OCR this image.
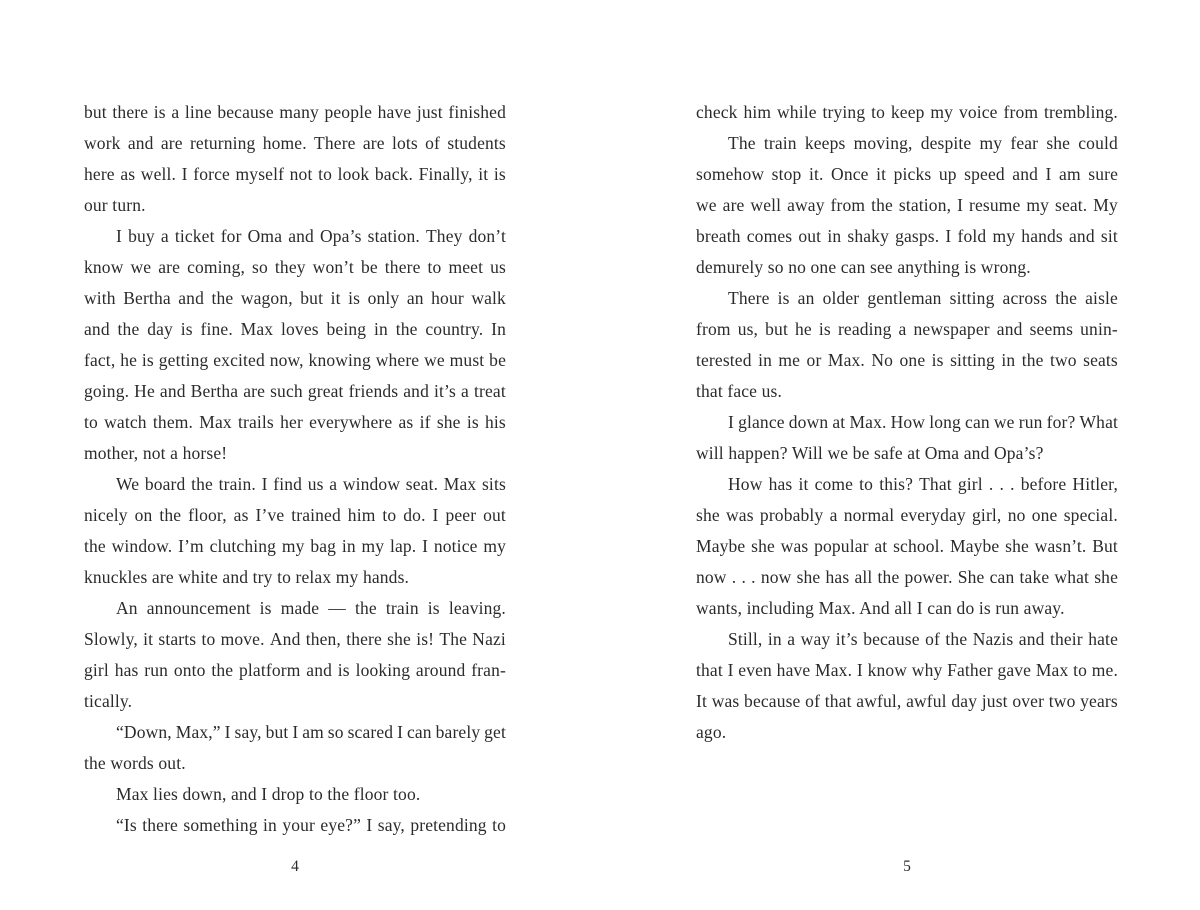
but there is a line because many people have just finished
work and are returning home. There are lots of students
here as well. I force myself not to look back. Finally, it is
our turn.
I buy a ticket for Oma and Opa’s station. They don’t
know we are coming, so they won’t be there to meet us
with Bertha and the wagon, but it is only an hour walk
and the day is fine. Max loves being in the country. In
fact, he is getting excited now, knowing where we must be
going. He and Bertha are such great friends and it’s a treat
to watch them. Max trails her everywhere as if she is his
mother, not a horse!
We board the train. I find us a window seat. Max sits
nicely on the floor, as I’ve trained him to do. I peer out
the window. I’m clutching my bag in my lap. I notice my
knuckles are white and try to relax my hands.
An announcement is made — the train is leaving.
Slowly, it starts to move. And then, there she is! The Nazi
girl has run onto the platform and is looking around fran-
tically.
“Down, Max,” I say, but I am so scared I can barely get
the words out.
Max lies down, and I drop to the floor too.
“Is there something in your eye?” I say, pretending to
check him while trying to keep my voice from trembling.
The train keeps moving, despite my fear she could
somehow stop it. Once it picks up speed and I am sure
we are well away from the station, I resume my seat. My
breath comes out in shaky gasps. I fold my hands and sit
demurely so no one can see anything is wrong.
There is an older gentleman sitting across the aisle
from us, but he is reading a newspaper and seems unin-
terested in me or Max. No one is sitting in the two seats
that face us.
I glance down at Max. How long can we run for? What
will happen? Will we be safe at Oma and Opa’s?
How has it come to this? That girl . . . before Hitler,
she was probably a normal everyday girl, no one special.
Maybe she was popular at school. Maybe she wasn’t. But
now . . . now she has all the power. She can take what she
wants, including Max. And all I can do is run away.
Still, in a way it’s because of the Nazis and their hate
that I even have Max. I know why Father gave Max to me.
It was because of that awful, awful day just over two years
ago.
4	5
